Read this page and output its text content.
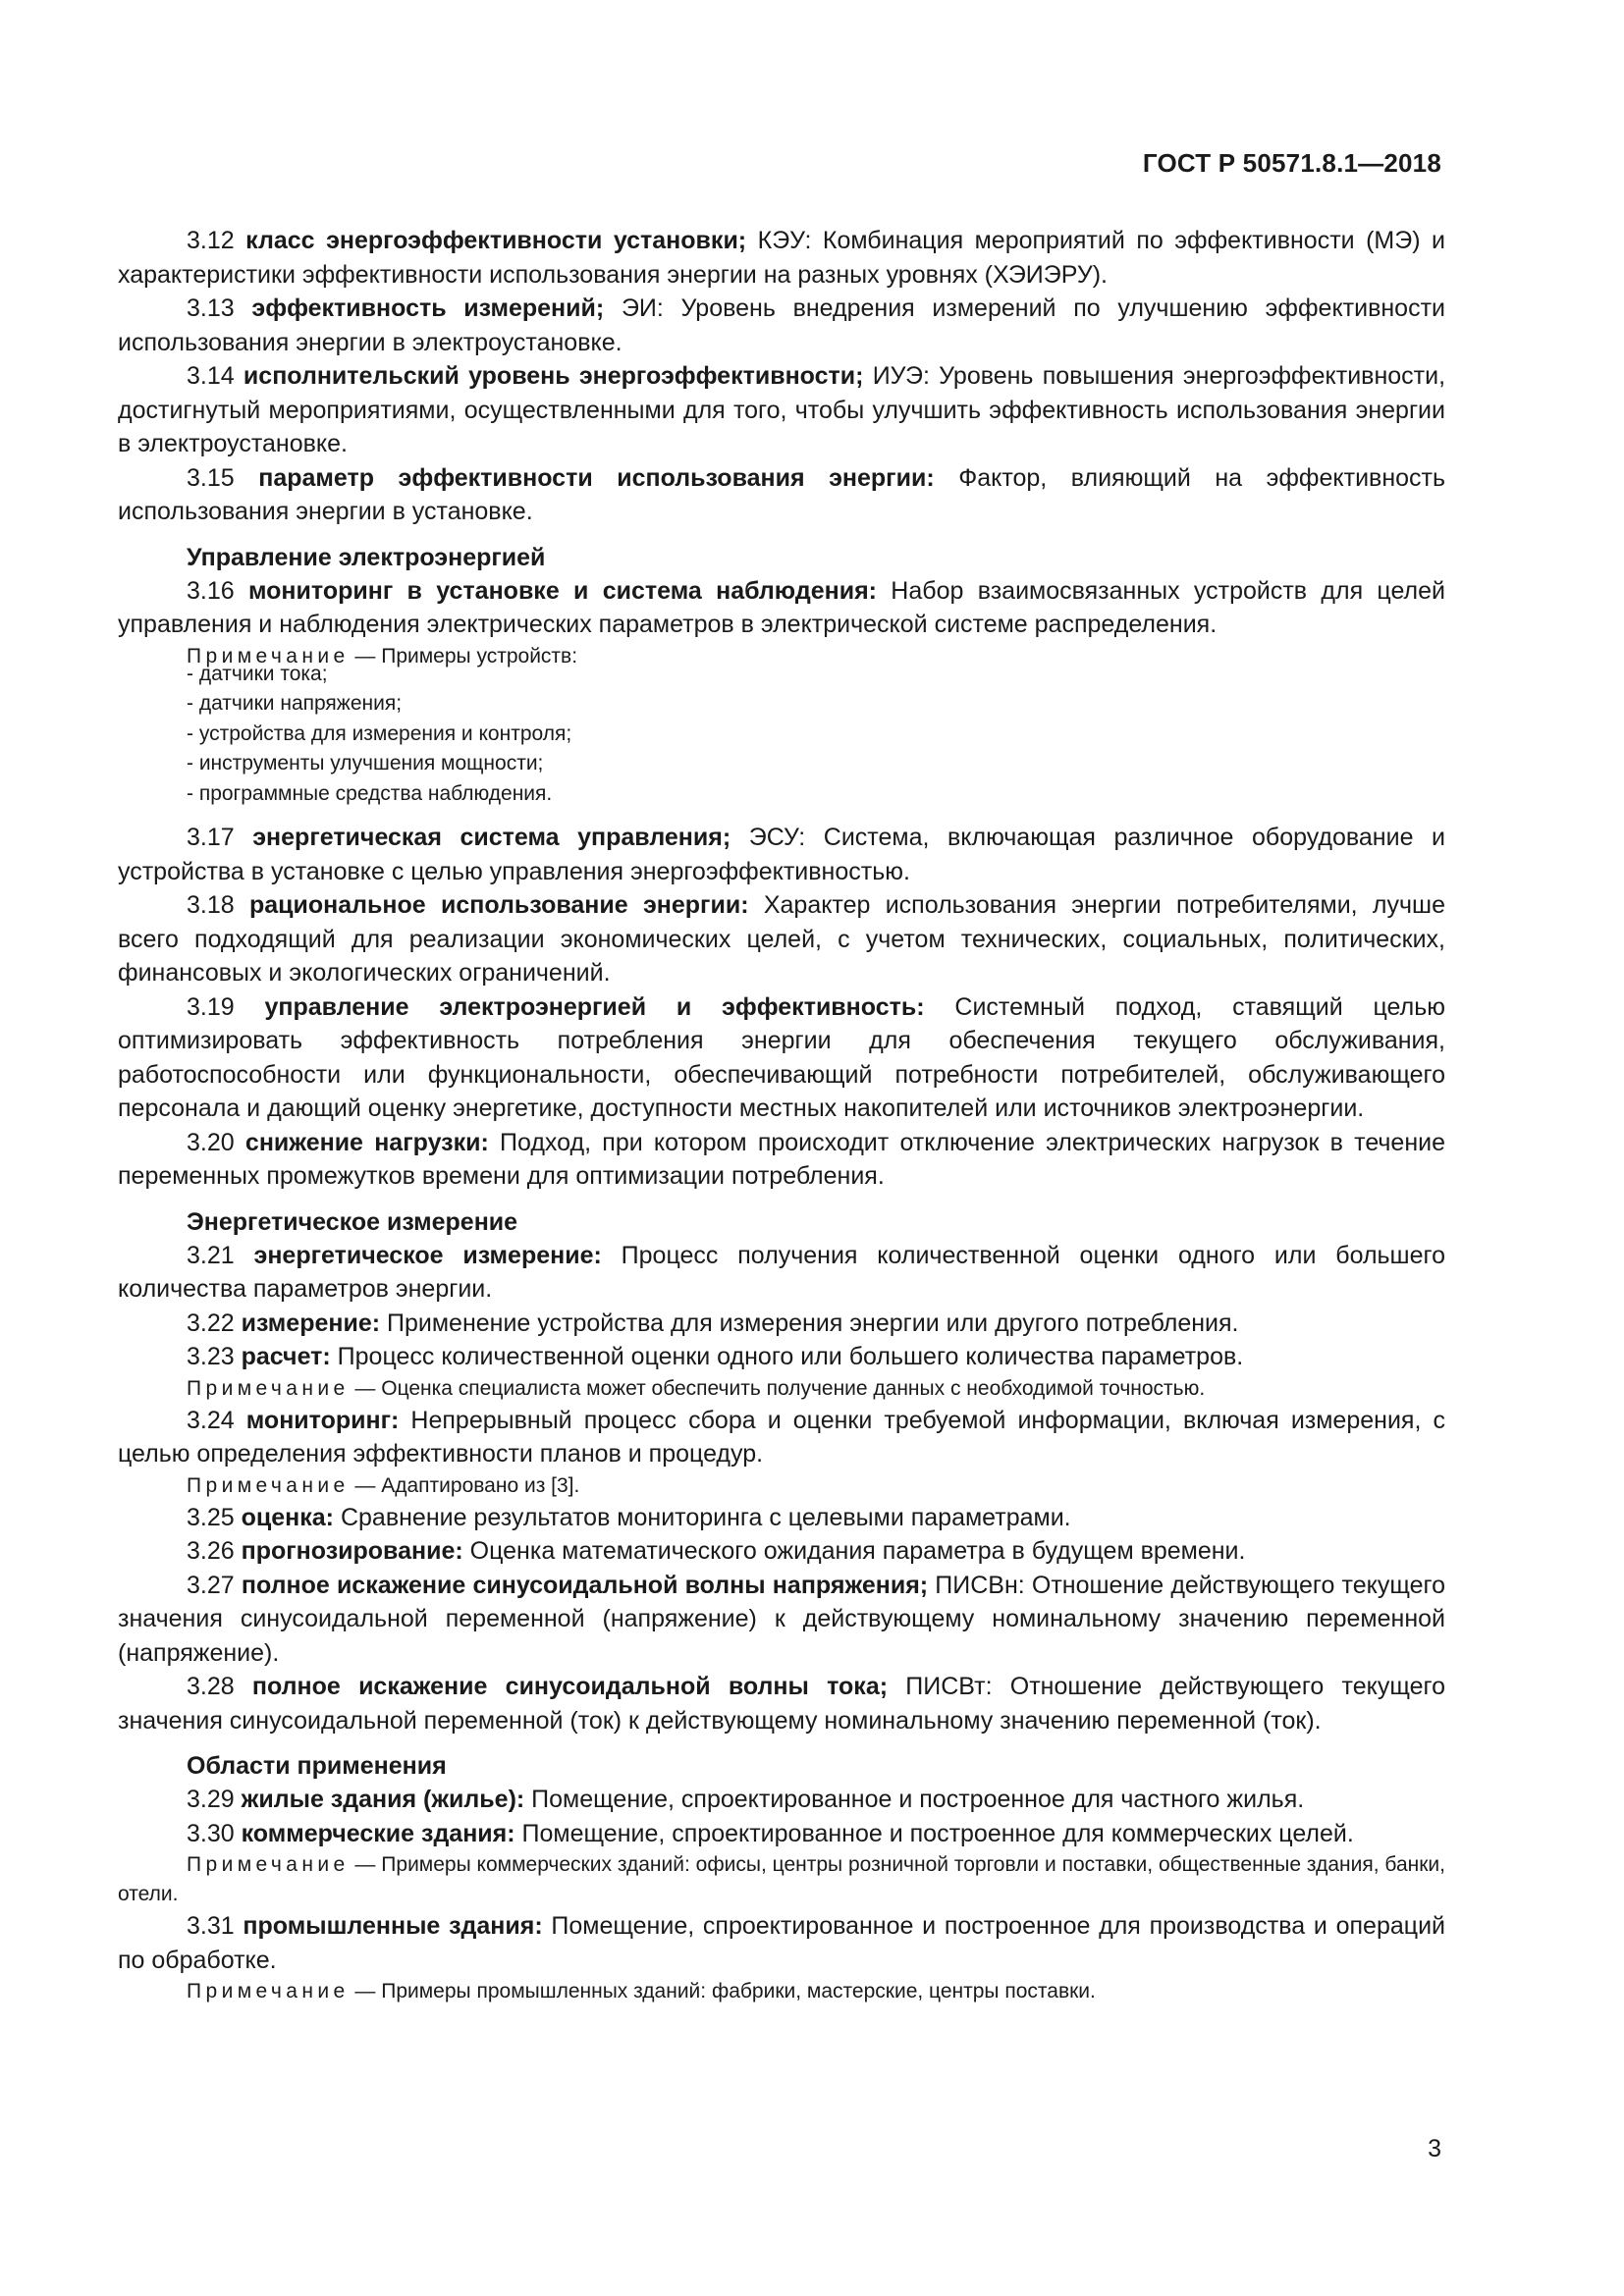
ГОСТ Р 50571.8.1—2018

3.12 класс энергоэффективности установки; КЭУ: Комбинация мероприятий по эффективности (МЭ) и характеристики эффективности использования энергии на разных уровнях (ХЭИЭРУ).

3.13 эффективность измерений; ЭИ: Уровень внедрения измерений по улучшению эффективности использования энергии в электроустановке.

3.14 исполнительский уровень энергоэффективности; ИУЭ: Уровень повышения энергоэффективности, достигнутый мероприятиями, осуществленными для того, чтобы улучшить эффективность использования энергии в электроустановке.

3.15 параметр эффективности использования энергии: Фактор, влияющий на эффективность использования энергии в установке.

Управление электроэнергией

3.16 мониторинг в установке и система наблюдения: Набор взаимосвязанных устройств для целей управления и наблюдения электрических параметров в электрической системе распределения.

Примечание — Примеры устройств:

- датчики тока;
- датчики напряжения;
- устройства для измерения и контроля;
- инструменты улучшения мощности;
- программные средства наблюдения.

3.17 энергетическая система управления; ЭСУ: Система, включающая различное оборудование и устройства в установке с целью управления энергоэффективностью.

3.18 рациональное использование энергии: Характер использования энергии потребителями, лучше всего подходящий для реализации экономических целей, с учетом технических, социальных, политических, финансовых и экологических ограничений.

3.19 управление электроэнергией и эффективность: Системный подход, ставящий целью оптимизировать эффективность потребления энергии для обеспечения текущего обслуживания, работоспособности или функциональности, обеспечивающий потребности потребителей, обслуживающего персонала и дающий оценку энергетике, доступности местных накопителей или источников электроэнергии.

3.20 снижение нагрузки: Подход, при котором происходит отключение электрических нагрузок в течение переменных промежутков времени для оптимизации потребления.

Энергетическое измерение

3.21 энергетическое измерение: Процесс получения количественной оценки одного или большего количества параметров энергии.

3.22 измерение: Применение устройства для измерения энергии или другого потребления.

3.23 расчет: Процесс количественной оценки одного или большего количества параметров.

Примечание — Оценка специалиста может обеспечить получение данных с необходимой точностью.

3.24 мониторинг: Непрерывный процесс сбора и оценки требуемой информации, включая измерения, с целью определения эффективности планов и процедур.

Примечание — Адаптировано из [3].

3.25 оценка: Сравнение результатов мониторинга с целевыми параметрами.

3.26 прогнозирование: Оценка математического ожидания параметра в будущем времени.

3.27 полное искажение синусоидальной волны напряжения; ПИСВн: Отношение действующего текущего значения синусоидальной переменной (напряжение) к действующему номинальному значению переменной (напряжение).

3.28 полное искажение синусоидальной волны тока; ПИСВт: Отношение действующего текущего значения синусоидальной переменной (ток) к действующему номинальному значению переменной (ток).

Области применения

3.29 жилые здания (жилье): Помещение, спроектированное и построенное для частного жилья.

3.30 коммерческие здания: Помещение, спроектированное и построенное для коммерческих целей.

Примечание — Примеры коммерческих зданий: офисы, центры розничной торговли и поставки, общественные здания, банки, отели.

3.31 промышленные здания: Помещение, спроектированное и построенное для производства и операций по обработке.

Примечание — Примеры промышленных зданий: фабрики, мастерские, центры поставки.

3
